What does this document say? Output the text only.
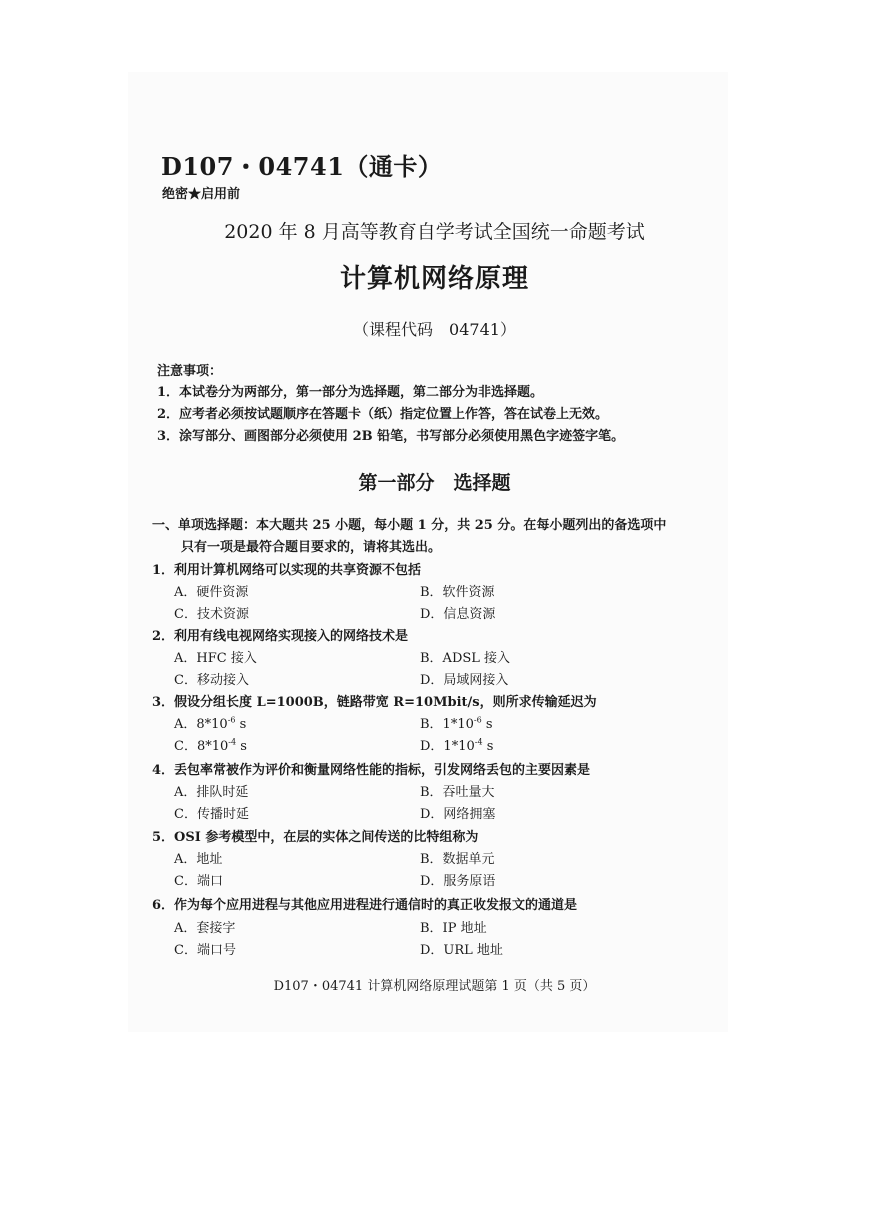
D107・04741（通卡）
绝密★启用前
2020 年 8 月高等教育自学考试全国统一命题考试
计算机网络原理
（课程代码　04741）
注意事项：
1．本试卷分为两部分，第一部分为选择题，第二部分为非选择题。
2．应考者必须按试题顺序在答题卡（纸）指定位置上作答，答在试卷上无效。
3．涂写部分、画图部分必须使用 2B 铅笔，书写部分必须使用黑色字迹签字笔。
第一部分　选择题
一、单项选择题：本大题共 25 小题，每小题 1 分，共 25 分。在每小题列出的备选项中
只有一项是最符合题目要求的，请将其选出。
1．利用计算机网络可以实现的共享资源不包括
A．硬件资源	B．软件资源
C．技术资源	D．信息资源
2．利用有线电视网络实现接入的网络技术是
A．HFC 接入	B．ADSL 接入
C．移动接入	D．局域网接入
3．假设分组长度 L=1000B，链路带宽 R=10Mbit/s，则所求传输延迟为
A．$8*10^{-6}$ s	B．$1*10^{-6}$ s
C．$8*10^{-4}$ s	D．$1*10^{-4}$ s
4．丢包率常被作为评价和衡量网络性能的指标，引发网络丢包的主要因素是
A．排队时延	B．吞吐量大
C．传播时延	D．网络拥塞
5．OSI 参考模型中，在层的实体之间传送的比特组称为
A．地址	B．数据单元
C．端口	D．服务原语
6．作为每个应用进程与其他应用进程进行通信时的真正收发报文的通道是
A．套接字	B．IP 地址
C．端口号	D．URL 地址
D107・04741 计算机网络原理试题第 1 页（共 5 页）
